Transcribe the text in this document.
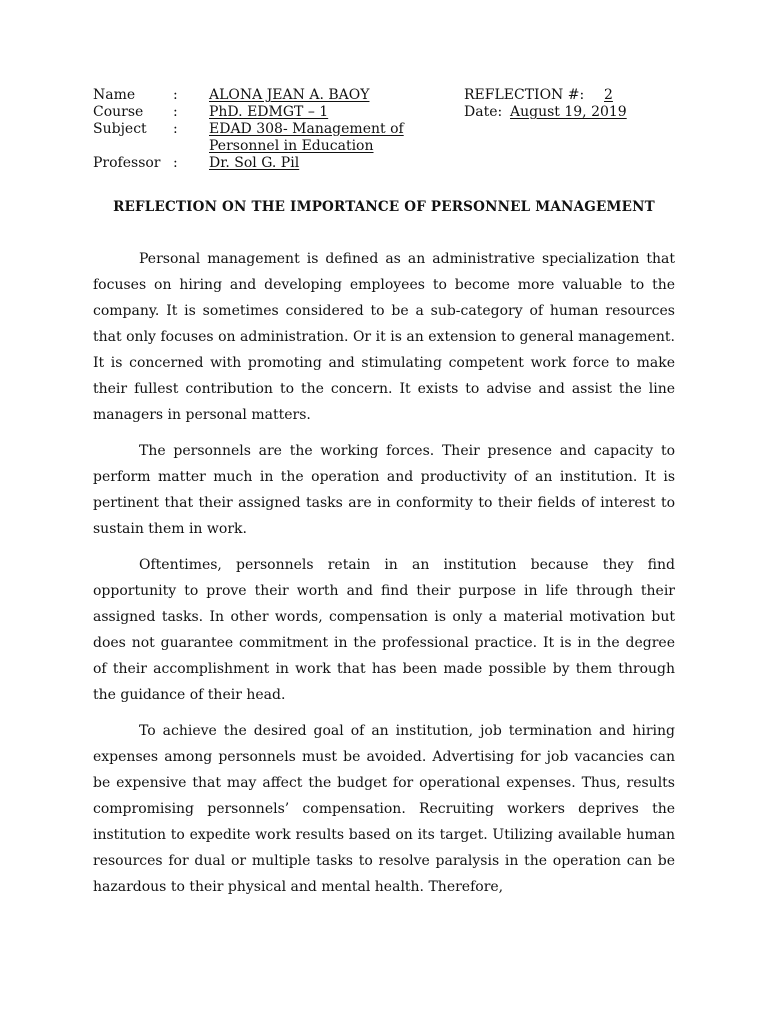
Name	: ALONA JEAN A. BAOY	REFLECTION #: 2
Course : PhD. EDMGT – 1	Date: August 19, 2019
Subject : EDAD 308- Management of
Personnel in Education
Professor : Dr. Sol G. Pil
REFLECTION ON THE IMPORTANCE OF PERSONNEL MANAGEMENT

Personal management is defined as an administrative specialization that focuses on hiring and developing employees to become more valuable to the company. It is sometimes considered to be a sub-category of human resources that only focuses on administration. Or it is an extension to general management. It is concerned with promoting and stimulating competent work force to make their fullest contribution to the concern. It exists to advise and assist the line managers in personal matters.

The personnels are the working forces. Their presence and capacity to perform matter much in the operation and productivity of an institution. It is pertinent that their assigned tasks are in conformity to their fields of interest to sustain them in work.

Oftentimes, personnels retain in an institution because they find opportunity to prove their worth and find their purpose in life through their assigned tasks. In other words, compensation is only a material motivation but does not guarantee commitment in the professional practice. It is in the degree of their accomplishment in work that has been made possible by them through the guidance of their head.

To achieve the desired goal of an institution, job termination and hiring expenses among personnels must be avoided. Advertising for job vacancies can be expensive that may affect the budget for operational expenses. Thus, results compromising personnels’ compensation. Recruiting workers deprives the institution to expedite work results based on its target. Utilizing available human resources for dual or multiple tasks to resolve paralysis in the operation can be hazardous to their physical and mental health. Therefore,
